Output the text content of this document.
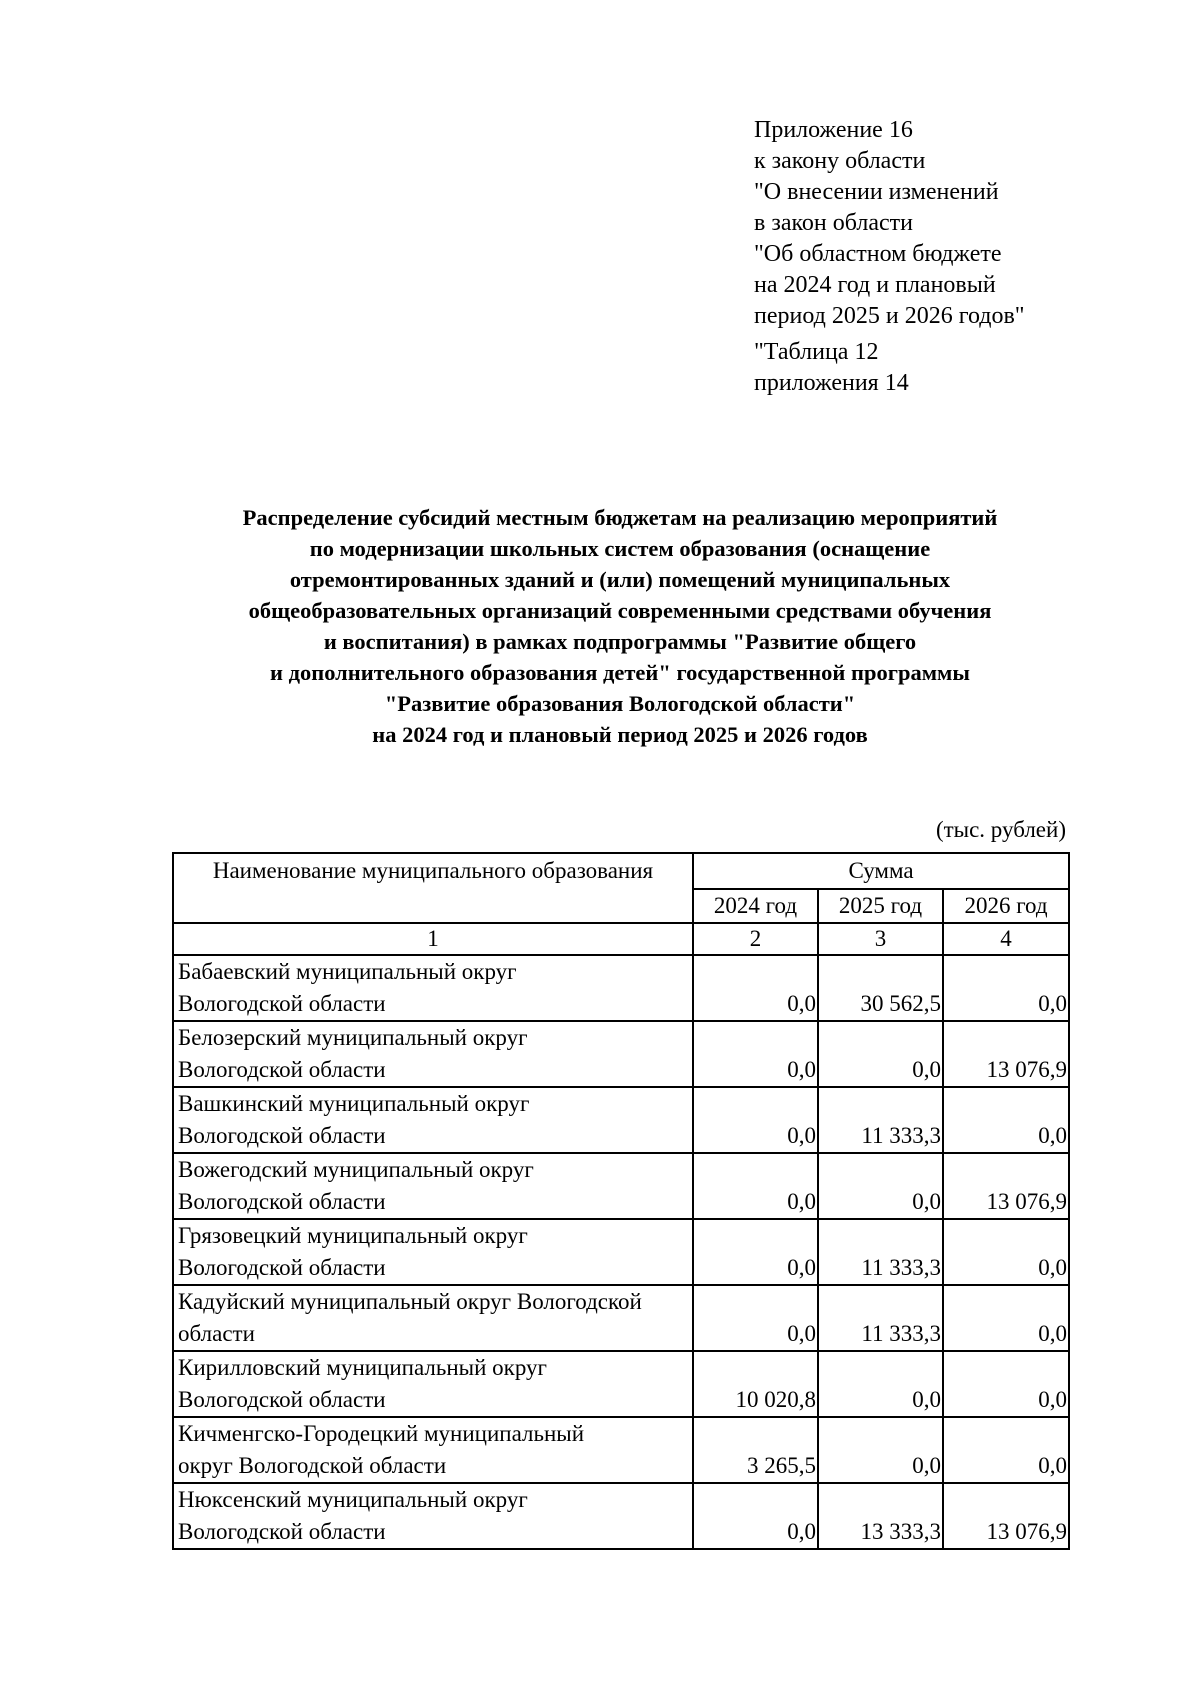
Приложение 16
к закону области
"О внесении изменений
в закон области
"Об областном бюджете
на 2024 год и плановый
период 2025 и 2026 годов"
"Таблица 12
приложения 14
Распределение субсидий местным бюджетам на реализацию мероприятий
по модернизации школьных систем образования (оснащение
отремонтированных зданий и (или) помещений муниципальных
общеобразовательных организаций современными средствами обучения
и воспитания) в рамках подпрограммы "Развитие общего
и дополнительного образования детей" государственной программы
"Развитие образования Вологодской области"
на 2024 год и плановый период 2025 и 2026 годов
(тыс. рублей)
Наименование муниципального образования	Сумма		
	2024 год	2025 год	2026 год
1	2	3	4
Бабаевский муниципальный округ
Вологодской области	0,0	30 562,5	0,0
Белозерский муниципальный округ
Вологодской области	0,0	0,0	13 076,9
Вашкинский муниципальный округ
Вологодской области	0,0	11 333,3	0,0
Вожегодский муниципальный округ
Вологодской области	0,0	0,0	13 076,9
Грязовецкий муниципальный округ
Вологодской области	0,0	11 333,3	0,0
Кадуйский муниципальный округ Вологодской
области	0,0	11 333,3	0,0
Кирилловский муниципальный округ
Вологодской области	10 020,8	0,0	0,0
Кичменгско-Городецкий муниципальный
округ Вологодской области	3 265,5	0,0	0,0
Нюксенский муниципальный округ
Вологодской области	0,0	13 333,3	13 076,9
